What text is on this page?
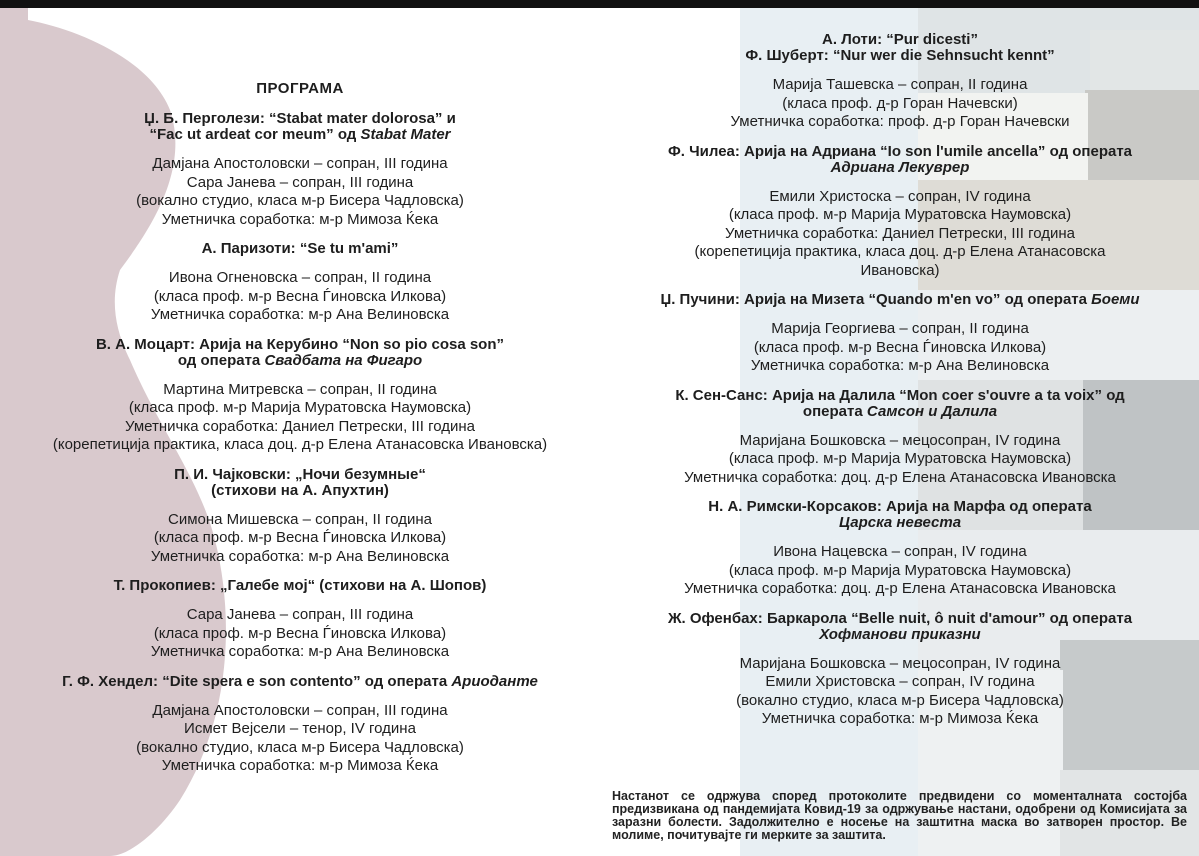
ПРОГРАМА
Џ. Б. Перголези: “Stabat mater dolorosa” и
“Fac ut ardeat cor meum” од Stabat Mater
Дамјана Апостоловски – сопран, III година
Сара Јанева – сопран, III година
(вокално студио, класа м-р Бисера Чадловска)
Уметничка соработка: м-р Мимоза Ќека
А. Паризоти: “Se tu m'ami”
Ивона Огненовска – сопран, II година
(класа проф. м-р Весна Ѓиновска Илкова)
Уметничка соработка: м-р Ана Велиновска
В. А. Моцарт: Арија на Керубино “Non so pio cosa son”
од операта Свадбата на Фигаро
Мартина Митревска – сопран, II година
(класа проф. м-р Марија Муратовска Наумовска)
Уметничка соработка: Даниел Петрески, III година
(корепетиција практика, класа доц. д-р Елена Атанасовска Ивановска)
П. И. Чајковски: „Ночи безумные“
(стихови на А. Апухтин)
Симона Мишевска – сопран, II година
(класа проф. м-р Весна Ѓиновска Илкова)
Уметничка соработка: м-р Ана Велиновска
Т. Прокопиев: „Галебе мој“ (стихови на А. Шопов)
Сара Јанева – сопран, III година
(класа проф. м-р Весна Ѓиновска Илкова)
Уметничка соработка: м-р Ана Велиновска
Г. Ф. Хендел: “Dite spera e son contento” од операта Ариоданте
Дамјана Апостоловски – сопран, III година
Исмет Вејсели – тенор, IV година
(вокално студио, класа м-р Бисера Чадловска)
Уметничка соработка: м-р Мимоза Ќека
А. Лоти: “Pur dicesti”
Ф. Шуберт: “Nur wer die Sehnsucht kennt”
Марија Ташевска – сопран, II година
(класа проф. д-р Горан Начевски)
Уметничка соработка: проф. д-р Горан Начевски
Ф. Чилеа: Арија на Адриана “Io son l'umile ancella” од операта
Адриана Лекуврер
Емили Христоска – сопран, IV година
(класа проф. м-р Марија Муратовска Наумовска)
Уметничка соработка: Даниел Петрески, III година
(корепетиција практика, класа доц. д-р Елена Атанасовска
Ивановска)
Џ. Пучини: Арија на Мизета “Quando m'en vo” од операта Боеми
Марија Георгиева – сопран, II година
(класа проф. м-р Весна Ѓиновска Илкова)
Уметничка соработка: м-р Ана Велиновска
К. Сен-Санс: Арија на Далила “Mon coer s'ouvre a ta voix” од
операта Самсон и Далила
Маријана Бошковска – мецосопран, IV година
(класа проф. м-р Марија Муратовска Наумовска)
Уметничка соработка: доц. д-р Елена Атанасовска Ивановска
Н. А. Римски-Корсаков: Арија на Марфа од операта
Царска невеста
Ивона Нацевска – сопран, IV година
(класа проф. м-р Марија Муратовска Наумовска)
Уметничка соработка: доц. д-р Елена Атанасовска Ивановска
Ж. Офенбах: Баркарола “Belle nuit, ô nuit d'amour” од операта
Хофманови приказни
Маријана Бошковска – мецосопран, IV година
Емили Христовска – сопран, IV година
(вокално студио, класа м-р Бисера Чадловска)
Уметничка соработка: м-р Мимоза Ќека
Настанот се одржува според протоколите предвидени со моменталната состојба предизвикана од пандемијата Ковид-19 за одржување настани, одобрени од Комисијата за заразни болести. Задолжително е носење на заштитна маска во затворен простор. Ве молиме, почитувајте ги мерките за заштита.
